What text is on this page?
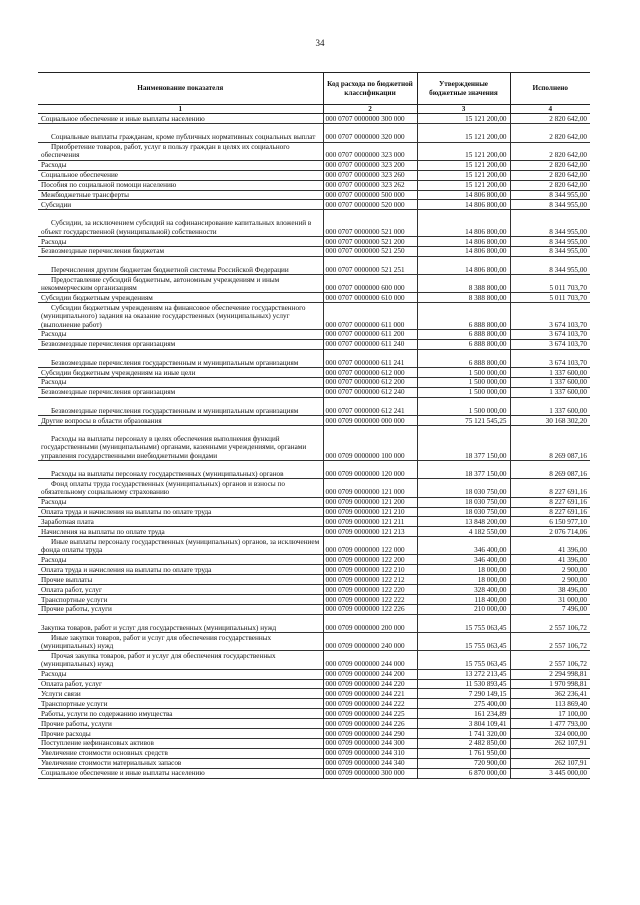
34
Наименование показателя	Код расхода по бюджетной классификации	Утвержденные бюджетные значения	Исполнено
1	2	3	4
Социальное обеспечение и иные выплаты населению	000 0707 0000000 300 000	15 121 200,00	2 820 642,00
Социальные выплаты гражданам, кроме публичных нормативных социальных выплат	000 0707 0000000 320 000	15 121 200,00	2 820 642,00
Приобретение товаров, работ, услуг в пользу граждан в целях их социального обеспечения	000 0707 0000000 323 000	15 121 200,00	2 820 642,00
Расходы	000 0707 0000000 323 200	15 121 200,00	2 820 642,00
Социальное обеспечение	000 0707 0000000 323 260	15 121 200,00	2 820 642,00
Пособия по социальной помощи населению	000 0707 0000000 323 262	15 121 200,00	2 820 642,00
Межбюджетные трансферты	000 0707 0000000 500 000	14 806 800,00	8 344 955,00
Субсидии	000 0707 0000000 520 000	14 806 800,00	8 344 955,00
Субсидии, за исключением субсидий на софинансирование капитальных вложений в объект государственной (муниципальной) собственности	000 0707 0000000 521 000	14 806 800,00	8 344 955,00
Расходы	000 0707 0000000 521 200	14 806 800,00	8 344 955,00
Безвозмездные перечисления бюджетам	000 0707 0000000 521 250	14 806 800,00	8 344 955,00
Перечисления другим бюджетам бюджетной системы Российской Федерации	000 0707 0000000 521 251	14 806 800,00	8 344 955,00
Предоставление субсидий бюджетным, автономным учреждениям и иным некоммерческим организациям	000 0707 0000000 600 000	8 388 800,00	5 011 703,70
Субсидии бюджетным учреждениям	000 0707 0000000 610 000	8 388 800,00	5 011 703,70
Субсидии бюджетным учреждениям на финансовое обеспечение государственного (муниципального) задания на оказание государственных (муниципальных) услуг (выполнение работ)	000 0707 0000000 611 000	6 888 800,00	3 674 103,70
Расходы	000 0707 0000000 611 200	6 888 800,00	3 674 103,70
Безвозмездные перечисления организациям	000 0707 0000000 611 240	6 888 800,00	3 674 103,70
Безвозмездные перечисления государственным и муниципальным организациям	000 0707 0000000 611 241	6 888 800,00	3 674 103,70
Субсидии бюджетным учреждениям на иные цели	000 0707 0000000 612 000	1 500 000,00	1 337 600,00
Расходы	000 0707 0000000 612 200	1 500 000,00	1 337 600,00
Безвозмездные перечисления организациям	000 0707 0000000 612 240	1 500 000,00	1 337 600,00
Безвозмездные перечисления государственным и муниципальным организациям	000 0707 0000000 612 241	1 500 000,00	1 337 600,00
Другие вопросы в области образования	000 0709 0000000 000 000	75 121 545,25	30 168 302,20
Расходы на выплаты персоналу в целях обеспечения выполнения функций государственными (муниципальными) органами, казенными учреждениями, органами управления государственными внебюджетными фондами	000 0709 0000000 100 000	18 377 150,00	8 269 087,16
Расходы на выплаты персоналу государственных (муниципальных) органов	000 0709 0000000 120 000	18 377 150,00	8 269 087,16
Фонд оплаты труда государственных (муниципальных) органов и взносы по обязательному социальному страхованию	000 0709 0000000 121 000	18 030 750,00	8 227 691,16
Расходы	000 0709 0000000 121 200	18 030 750,00	8 227 691,16
Оплата труда и начисления на выплаты по оплате труда	000 0709 0000000 121 210	18 030 750,00	8 227 691,16
Заработная плата	000 0709 0000000 121 211	13 848 200,00	6 150 977,10
Начисления на выплаты по оплате труда	000 0709 0000000 121 213	4 182 550,00	2 076 714,06
Иные выплаты персоналу государственных (муниципальных) органов, за исключением фонда оплаты труда	000 0709 0000000 122 000	346 400,00	41 396,00
Расходы	000 0709 0000000 122 200	346 400,00	41 396,00
Оплата труда и начисления на выплаты по оплате труда	000 0709 0000000 122 210	18 000,00	2 900,00
Прочие выплаты	000 0709 0000000 122 212	18 000,00	2 900,00
Оплата работ, услуг	000 0709 0000000 122 220	328 400,00	38 496,00
Транспортные услуги	000 0709 0000000 122 222	118 400,00	31 000,00
Прочие работы, услуги	000 0709 0000000 122 226	210 000,00	7 496,00
Закупка товаров, работ и услуг для государственных (муниципальных) нужд	000 0709 0000000 200 000	15 755 063,45	2 557 106,72
Иные закупки товаров, работ и услуг для обеспечения государственных (муниципальных) нужд	000 0709 0000000 240 000	15 755 063,45	2 557 106,72
Прочая закупка товаров, работ и услуг для обеспечения государственных (муниципальных) нужд	000 0709 0000000 244 000	15 755 063,45	2 557 106,72
Расходы	000 0709 0000000 244 200	13 272 213,45	2 294 998,81
Оплата работ, услуг	000 0709 0000000 244 220	11 530 893,45	1 970 998,81
Услуги связи	000 0709 0000000 244 221	7 290 149,15	362 236,41
Транспортные услуги	000 0709 0000000 244 222	275 400,00	113 869,40
Работы, услуги по содержанию имущества	000 0709 0000000 244 225	161 234,89	17 100,00
Прочие работы, услуги	000 0709 0000000 244 226	3 804 109,41	1 477 793,00
Прочие расходы	000 0709 0000000 244 290	1 741 320,00	324 000,00
Поступление нефинансовых активов	000 0709 0000000 244 300	2 482 850,00	262 107,91
Увеличение стоимости основных средств	000 0709 0000000 244 310	1 761 950,00	
Увеличение стоимости материальных запасов	000 0709 0000000 244 340	720 900,00	262 107,91
Социальное обеспечение и иные выплаты населению	000 0709 0000000 300 000	6 870 000,00	3 445 000,00
